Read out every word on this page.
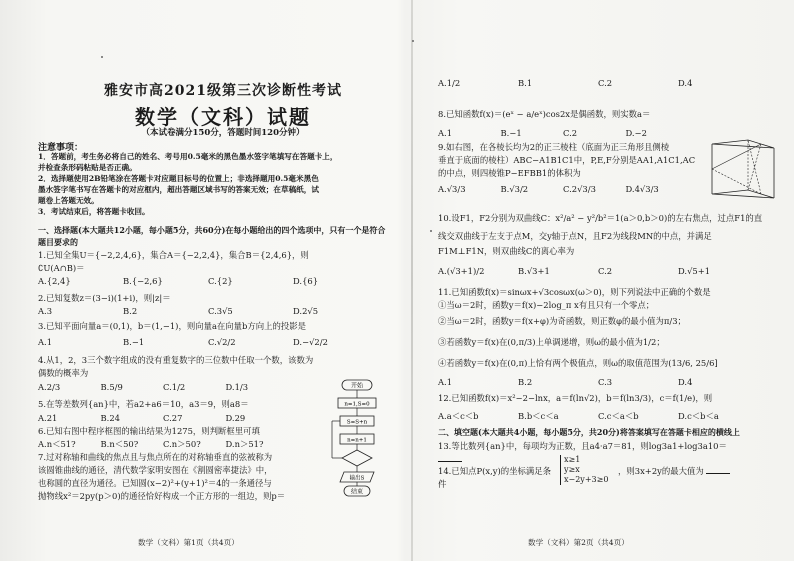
雅安市高2021级第三次诊断性考试
数学（文科）试题
（本试卷满分150分，答题时间120分钟）
注意事项：
1．答题前，考生务必将自己的姓名、考号用0.5毫米的黑色墨水签字笔填写在答题卡上，
并检查条形码粘贴是否正确。
2．选择题使用2B铅笔涂在答题卡对应题目标号的位置上；非选择题用0.5毫米黑色
墨水签字笔书写在答题卡的对应框内，超出答题区域书写的答案无效；在草稿纸，试
题卷上答题无效。
3．考试结束后，将答题卡收回。
一、选择题(本大题共12小题，每小题5分，共60分)在每小题给出的四个选项中，只有一个是符合题目要求的
1.已知全集U＝{−2,2,4,6}，集合A＝{−2,2,4}，集合B＝{2,4,6}，则
∁U(A∩B)＝
A.{2,4}	B.{−2,6}	C.{2}	D.{6}
2.已知复数z＝(3−i)(1+i)，则|z|＝
A.3	B.2	C.3√5	D.2√5
3.已知平面向量a＝(0,1)，b＝(1,−1)，则向量a在向量b方向上的投影是
A.1	B.−1	C.√2/2	D.−√2/2
4.从1，2，3三个数字组成的没有重复数字的三位数中任取一个数，该数为
偶数的概率为
A.2/3	B.5/9	C.1/2	D.1/3
5.在等差数列{an}中，若a2+a6＝10，a3＝9，则a8＝
A.21	B.24	C.27	D.29
6.已知右图中程序框图的输出结果为1275，则判断框里可填
A.n＜51?	B.n＜50?	C.n＞50?	D.n＞51?
7.过对称轴和曲线的焦点且与焦点所在的对称轴垂直的弦被称为
该圆锥曲线的通径，清代数学家明安图在《割圆密率捷法》中，
也称圆的直径为通径。已知圆(x−2)²+(y+1)²＝4的一条通径与
抛物线x²＝2py(p＞0)的通径恰好构成一个正方形的一组边，则p＝
数学（文科）第1页（共4页）
开始
n=1,S=0
S=S+n
n=n+1
输出S
结束
A.1/2	B.1	C.2	D.4
8.已知函数f(x)＝(eˣ − a/eˣ)cos2x是偶函数，则实数a＝
A.1	B.−1	C.2	D.−2
9.如右图，在各棱长均为2的正三棱柱（底面为正三角形且侧棱
垂直于底面的棱柱）ABC−A1B1C1中，P,E,F分别是AA1,A1C1,AC
的中点，则四棱锥P−EFBB1的体积为
A.√3/3	B.√3/2	C.2√3/3	D.4√3/3
10.设F1，F2分别为双曲线C：x²/a² − y²/b²＝1(a＞0,b＞0)的左右焦点，过点F1的直
线交双曲线于左支于点M，交y轴于点N，且F2为线段MN的中点，并满足
F1M⊥F1N，则双曲线C的离心率为
A.(√3+1)/2	B.√3+1	C.2	D.√5+1
11.已知函数f(x)＝sinωx+√3cosωx(ω＞0)，则下列说法中正确的个数是
①当ω＝2时，函数y＝f(x)−2log_π x有且只有一个零点；
②当ω＝2时，函数y＝f(x+φ)为奇函数，则正数φ的最小值为π/3；
③若函数y＝f(x)在(0,π/3)上单调递增，则ω的最小值为1/2；
④若函数y＝f(x)在(0,π)上恰有两个极值点，则ω的取值范围为(13/6, 25/6]
A.1	B.2	C.3	D.4
12.已知函数f(x)＝x²−2−lnx，a＝f(ln√2)，b＝f(ln3/3)，c＝f(1/e)，则
A.a＜c＜b	B.b＜c＜a	C.c＜a＜b	D.c＜b＜a
二、填空题(本大题共4小题，每小题5分，共20分)将答案填写在答题卡相应的横线上
13.等比数列{an}中，每项均为正数，且a4·a7＝81，则log3a1+log3a10＝
14.已知点P(x,y)的坐标满足条件
x≥1
y≥x
x−2y+3≥0
，则3x+2y的最大值为
数学（文科）第2页（共4页）
